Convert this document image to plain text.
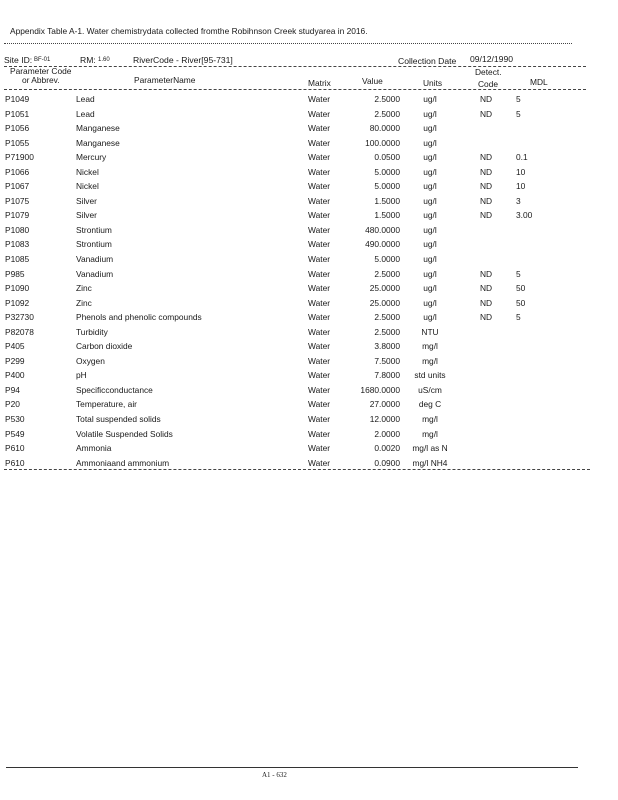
Appendix Table A-1. Water chemistrydata collected fromthe Robihnson Creek studyarea in 2016.
Site ID: BF-01	RM: 1.60	RiverCode - River[95-731]	Collection Date 09/12/1990
Parameter Code
or Abbrev.	ParameterName	Matrix	Value	Units
Detect.
Code	MDL
P1049	Lead	Water	2.5000	ug/l	ND	5
P1051	Lead	Water	2.5000	ug/l	ND	5
P1056	Manganese	Water	80.0000	ug/l
P1055	Manganese	Water	100.0000	ug/l
P71900	Mercury	Water	0.0500	ug/l	ND	0.1
P1066	Nickel	Water	5.0000	ug/l	ND	10
P1067	Nickel	Water	5.0000	ug/l	ND	10
P1075	Silver	Water	1.5000	ug/l	ND	3
P1079	Silver	Water	1.5000	ug/l	ND	3.00
P1080	Strontium	Water	480.0000	ug/l
P1083	Strontium	Water	490.0000	ug/l
P1085	Vanadium	Water	5.0000	ug/l
P985	Vanadium	Water	2.5000	ug/l	ND	5
P1090	Zinc	Water	25.0000	ug/l	ND	50
P1092	Zinc	Water	25.0000	ug/l	ND	50
P32730	Phenols and phenolic compounds	Water	2.5000	ug/l	ND	5
P82078	Turbidity	Water	2.5000	NTU
P405	Carbon dioxide	Water	3.8000	mg/l
P299	Oxygen	Water	7.5000	mg/l
P400	pH	Water	7.8000	std units
P94	Specificconductance	Water	1680.0000	uS/cm
P20	Temperature, air	Water	27.0000	deg C
P530	Total suspended solids	Water	12.0000	mg/l
P549	Volatile Suspended Solids	Water	2.0000	mg/l
P610	Ammonia	Water	0.0020	mg/l as N
P610	Ammoniaand ammonium	Water	0.0900	mg/l NH4
A1 - 632
